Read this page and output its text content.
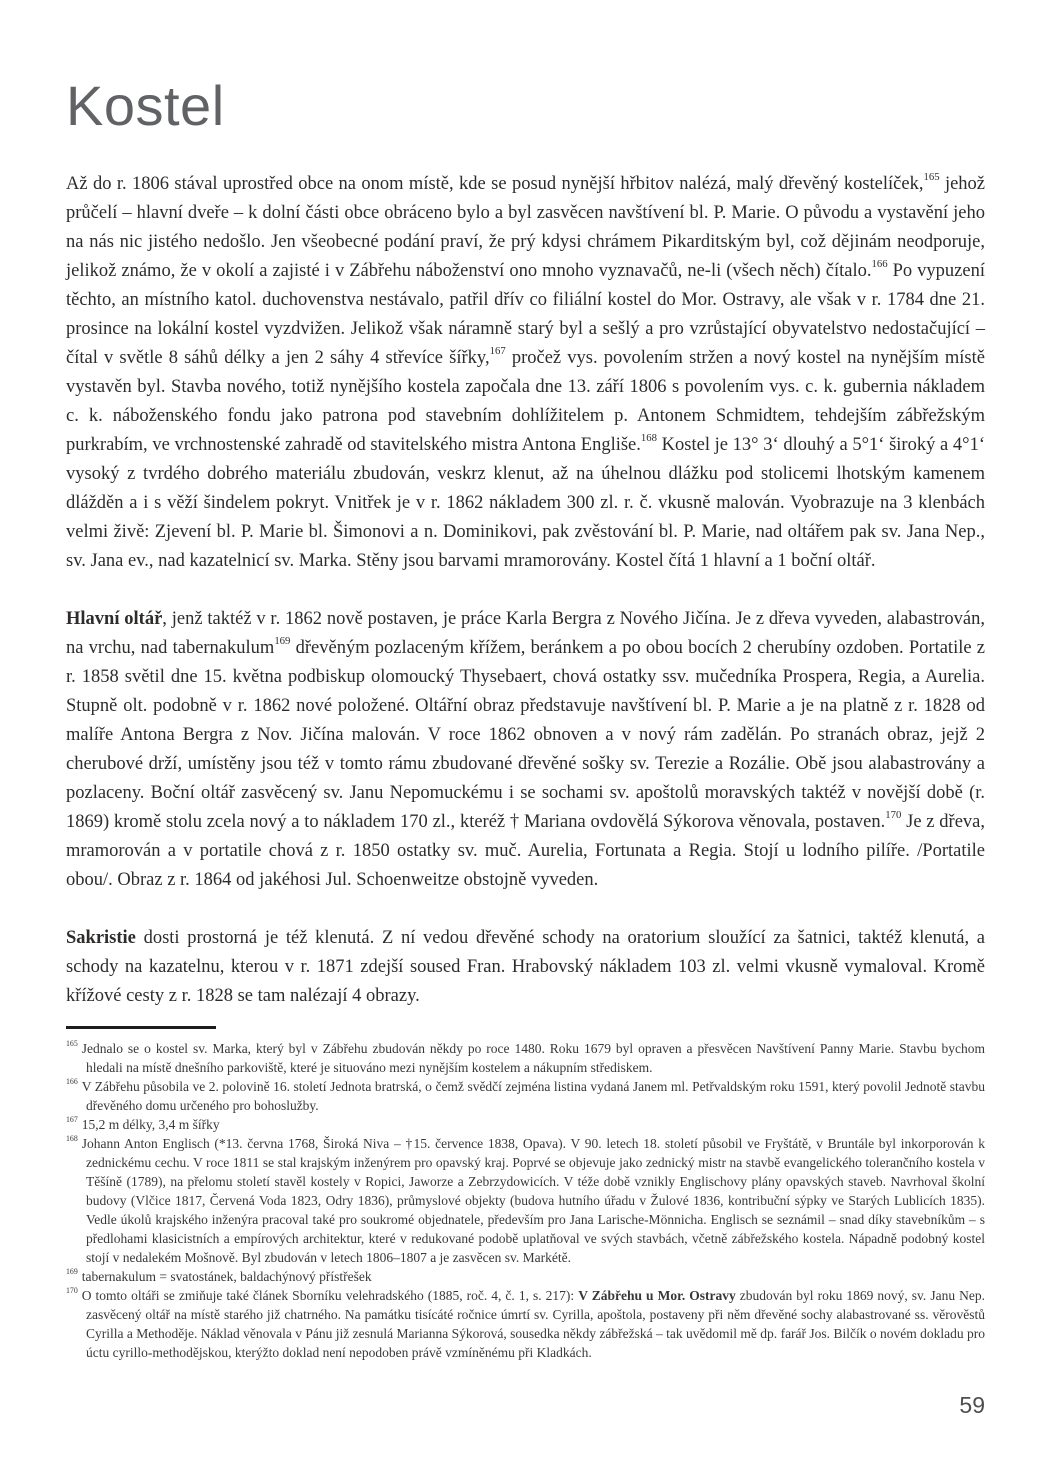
Kostel

Až do r. 1806 stával uprostřed obce na onom místě, kde se posud nynější hřbitov nalézá, malý dřevěný kostelíček,$^{165}$ jehož průčelí – hlavní dveře – k dolní části obce obráceno bylo a byl zasvěcen navštívení bl. P. Marie. O původu a vystavění jeho na nás nic jistého nedošlo. Jen všeobecné podání praví, že prý kdysi chrámem Pikarditským byl, což dějinám neodporuje, jelikož známo, že v okolí a zajisté i v Zábřehu náboženství ono mnoho vyznavačů, ne-li (všech něch) čítalo.$^{166}$ Po vypuzení těchto, an místního katol. duchovenstva nestávalo, patřil dřív co filiální kostel do Mor. Ostravy, ale však v r. 1784 dne 21. prosince na lokální kostel vyzdvižen. Jelikož však náramně starý byl a sešlý a pro vzrůstající obyvatelstvo nedostačující – čítal v světle 8 sáhů délky a jen 2 sáhy 4 střevíce šířky,$^{167}$ pročež vys. povolením stržen a nový kostel na nynějším místě vystavěn byl. Stavba nového, totiž nynějšího kostela započala dne 13. září 1806 s povolením vys. c. k. gubernia nákladem c. k. náboženského fondu jako patrona pod stavebním dohlížitelem p. Antonem Schmidtem, tehdejším zábřežským purkrabím, ve vrchnostenské zahradě od stavitelského mistra Antona Engliše.$^{168}$ Kostel je 13° 3‘ dlouhý a 5°1‘ široký a 4°1‘ vysoký z tvrdého dobrého materiálu zbudován, veskrz klenut, až na úhelnou dlážku pod stolicemi lhotským kamenem dlážděn a i s věží šindelem pokryt. Vnitřek je v r. 1862 nákladem 300 zl. r. č. vkusně malován. Vyobrazuje na 3 klenbách velmi živě: Zjevení bl. P. Marie bl. Šimonovi a n. Dominikovi, pak zvěstování bl. P. Marie, nad oltářem pak sv. Jana Nep., sv. Jana ev., nad kazatelnicí sv. Marka. Stěny jsou barvami mramorovány. Kostel čítá 1 hlavní a 1 boční oltář.

Hlavní oltář, jenž taktéž v r. 1862 nově postaven, je práce Karla Bergra z Nového Jičína. Je z dřeva vyveden, alabastrován, na vrchu, nad tabernakulum$^{169}$ dřevěným pozlaceným křížem, beránkem a po obou bocích 2 cherubíny ozdoben. Portatile z r. 1858 světil dne 15. května podbiskup olomoucký Thysebaert, chová ostatky ssv. mučedníka Prospera, Regia, a Aurelia. Stupně olt. podobně v r. 1862 nové položené. Oltářní obraz představuje navštívení bl. P. Marie a je na platně z r. 1828 od malíře Antona Bergra z Nov. Jičína malován. V roce 1862 obnoven a v nový rám zadělán. Po stranách obraz, jejž 2 cherubové drží, umístěny jsou též v tomto rámu zbudované dřevěné sošky sv. Terezie a Rozálie. Obě jsou alabastrovány a pozlaceny. Boční oltář zasvěcený sv. Janu Nepomuckému i se sochami sv. apoštolů moravských taktéž v novější době (r. 1869) kromě stolu zcela nový a to nákladem 170 zl., kteréž † Mariana ovdovělá Sýkorova věnovala, postaven.$^{170}$ Je z dřeva, mramorován a v portatile chová z r. 1850 ostatky sv. muč. Aurelia, Fortunata a Regia. Stojí u lodního pilíře. /Portatile obou/. Obraz z r. 1864 od jakéhosi Jul. Schoenweitze obstojně vyveden.

Sakristie dosti prostorná je též klenutá. Z ní vedou dřevěné schody na oratorium sloužící za šatnici, taktéž klenutá, a schody na kazatelnu, kterou v r. 1871 zdejší soused Fran. Hrabovský nákladem 103 zl. velmi vkusně vymaloval. Kromě křížové cesty z r. 1828 se tam nalézají 4 obrazy.

$^{165}$ Jednalo se o kostel sv. Marka, který byl v Zábřehu zbudován někdy po roce 1480. Roku 1679 byl opraven a přesvěcen Navštívení Panny Marie. Stavbu bychom hledali na místě dnešního parkoviště, které je situováno mezi nynějším kostelem a nákupním střediskem.
$^{166}$ V Zábřehu působila ve 2. polovině 16. století Jednota bratrská, o čemž svědčí zejména listina vydaná Janem ml. Petřvaldským roku 1591, který povolil Jednotě stavbu dřevěného domu určeného pro bohoslužby.
$^{167}$ 15,2 m délky, 3,4 m šířky
$^{168}$ Johann Anton Englisch (*13. června 1768, Široká Niva – †15. července 1838, Opava). V 90. letech 18. století působil ve Fryštátě, v Bruntále byl inkorporován k zednickému cechu. V roce 1811 se stal krajským inženýrem pro opavský kraj. Poprvé se objevuje jako zednický mistr na stavbě evangelického tolerančního kostela v Těšíně (1789), na přelomu století stavěl kostely v Ropici, Jaworze a Zebrzydowicích. V téže době vznikly Englischovy plány opavských staveb. Navrhoval školní budovy (Vlčice 1817, Červená Voda 1823, Odry 1836), průmyslové objekty (budova hutního úřadu v Žulové 1836, kontribuční sýpky ve Starých Lublicích 1835). Vedle úkolů krajského inženýra pracoval také pro soukromé objednatele, především pro Jana Larische-Mönnicha. Englisch se seznámil – snad díky stavebníkům – s předlohami klasicistních a empírových architektur, které v redukované podobě uplatňoval ve svých stavbách, včetně zábřežského kostela. Nápadně podobný kostel stojí v nedalekém Mošnově. Byl zbudován v letech 1806–1807 a je zasvěcen sv. Markétě.
$^{169}$ tabernakulum = svatostánek, baldachýnový přístřešek
$^{170}$ O tomto oltáři se zmiňuje také článek Sborníku velehradského (1885, roč. 4, č. 1, s. 217): V Zábřehu u Mor. Ostravy zbudován byl roku 1869 nový, sv. Janu Nep. zasvěcený oltář na místě starého již chatrného. Na památku tisícáté ročnice úmrtí sv. Cyrilla, apoštola, postaveny při něm dřevěné sochy alabastrované ss. věrověstů Cyrilla a Methoděje. Náklad věnovala v Pánu již zesnulá Marianna Sýkorová, sousedka někdy zábřežská – tak uvědomil mě dp. farář Jos. Bilčík o novém dokladu pro úctu cyrillo-methodějskou, kterýžto doklad není nepodoben právě vzmíněnému při Kladkách.
59
